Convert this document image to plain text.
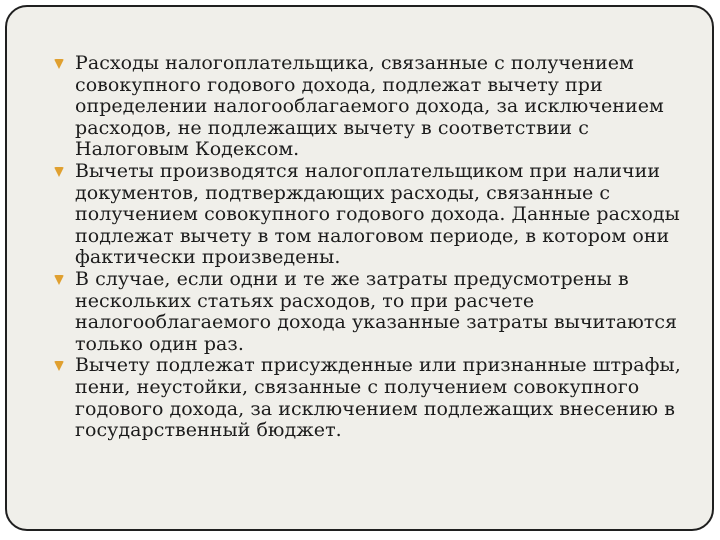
Расходы налогоплательщика, связанные с получением совокупного годового дохода, подлежат вычету при определении налогооблагаемого дохода, за исключением расходов, не подлежащих вычету в соответствии с Налоговым Кодексом.
Вычеты производятся налогоплательщиком при наличии документов, подтверждающих расходы, связанные с получением совокупного годового дохода. Данные расходы подлежат вычету в том налоговом периоде, в котором они фактически произведены.
В случае, если одни и те же затраты предусмотрены в нескольких статьях расходов, то при расчете налогооблагаемого дохода указанные затраты вычитаются только один раз.
Вычету подлежат присужденные или признанные штрафы, пени, неустойки, связанные с получением совокупного годового дохода, за исключением подлежащих внесению в государственный бюджет.
